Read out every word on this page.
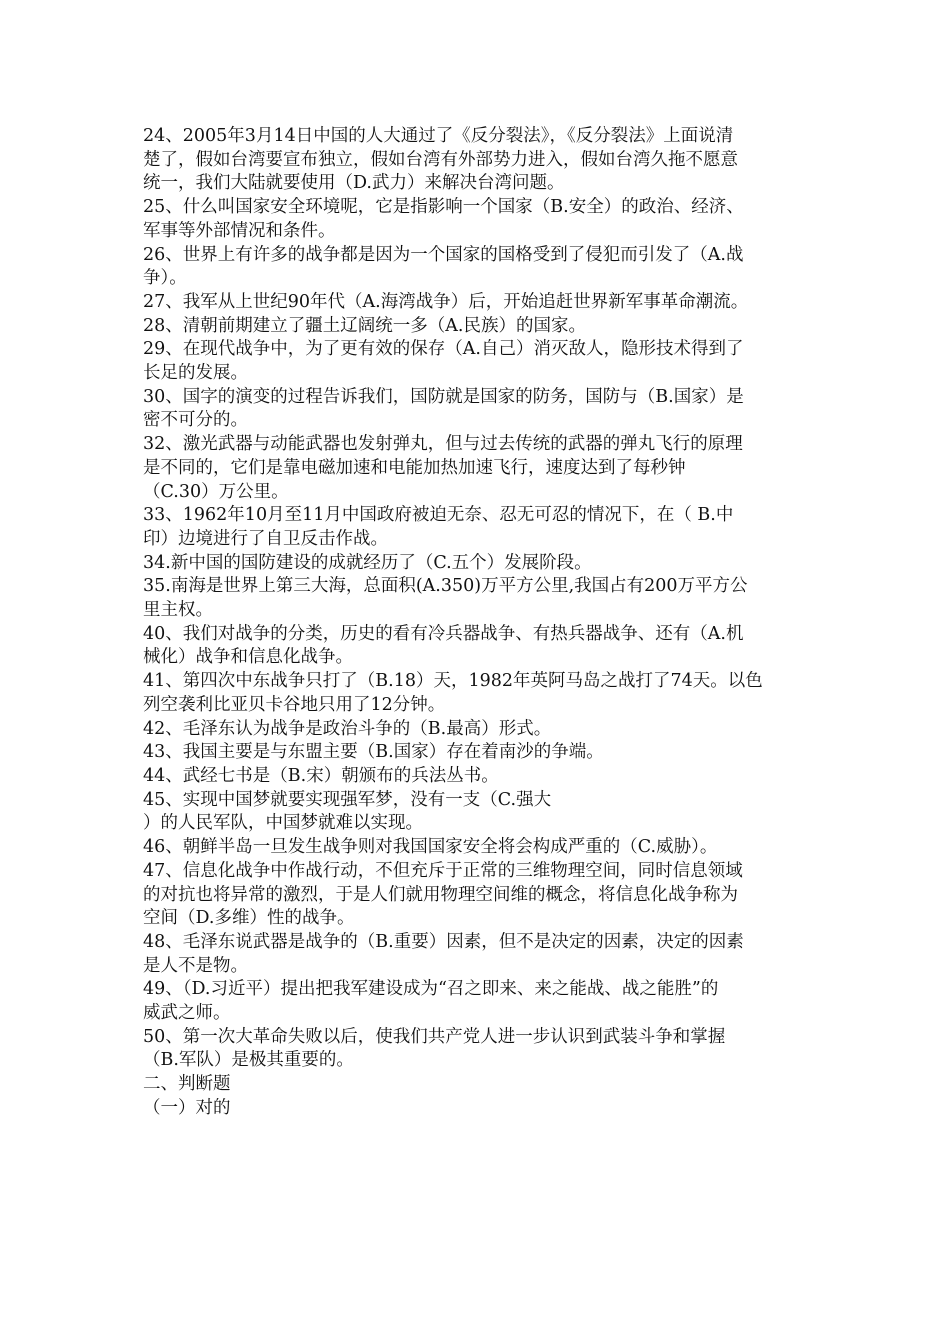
24、2005年3月14日中国的人大通过了《反分裂法》，《反分裂法》上面说清
楚了，假如台湾要宣布独立，假如台湾有外部势力进入，假如台湾久拖不愿意
统一，我们大陆就要使用（D.武力）来解决台湾问题。
25、什么叫国家安全环境呢，它是指影响一个国家（B.安全）的政治、经济、
军事等外部情况和条件。
26、世界上有许多的战争都是因为一个国家的国格受到了侵犯而引发了（A.战
争）。
27、我军从上世纪90年代（A.海湾战争）后，开始追赶世界新军事革命潮流。
28、清朝前期建立了疆土辽阔统一多（A.民族）的国家。
29、在现代战争中，为了更有效的保存（A.自己）消灭敌人，隐形技术得到了
长足的发展。
30、国字的演变的过程告诉我们，国防就是国家的防务，国防与（B.国家）是
密不可分的。
32、激光武器与动能武器也发射弹丸，但与过去传统的武器的弹丸飞行的原理
是不同的，它们是靠电磁加速和电能加热加速飞行，速度达到了每秒钟
（C.30）万公里。
33、1962年10月至11月中国政府被迫无奈、忍无可忍的情况下，在（ B.中
印）边境进行了自卫反击作战。
34.新中国的国防建设的成就经历了（C.五个）发展阶段。
35.南海是世界上第三大海，总面积(A.350)万平方公里,我国占有200万平方公
里主权。
40、我们对战争的分类，历史的看有冷兵器战争、有热兵器战争、还有（A.机
械化）战争和信息化战争。
41、第四次中东战争只打了（B.18）天，1982年英阿马岛之战打了74天。以色
列空袭利比亚贝卡谷地只用了12分钟。
42、毛泽东认为战争是政治斗争的（B.最高）形式。
43、我国主要是与东盟主要（B.国家）存在着南沙的争端。
44、武经七书是（B.宋）朝颁布的兵法丛书。
45、实现中国梦就要实现强军梦，没有一支（C.强大
）的人民军队，中国梦就难以实现。
46、朝鲜半岛一旦发生战争则对我国国家安全将会构成严重的（C.威胁）。
47、信息化战争中作战行动，不但充斥于正常的三维物理空间，同时信息领域
的对抗也将异常的激烈，于是人们就用物理空间维的概念，将信息化战争称为
空间（D.多维）性的战争。
48、毛泽东说武器是战争的（B.重要）因素，但不是决定的因素，决定的因素
是人不是物。
49、（D.习近平）提出把我军建设成为“召之即来、来之能战、战之能胜”的
威武之师。
50、第一次大革命失败以后，使我们共产党人进一步认识到武装斗争和掌握
（B.军队）是极其重要的。
二、判断题
（一）对的
